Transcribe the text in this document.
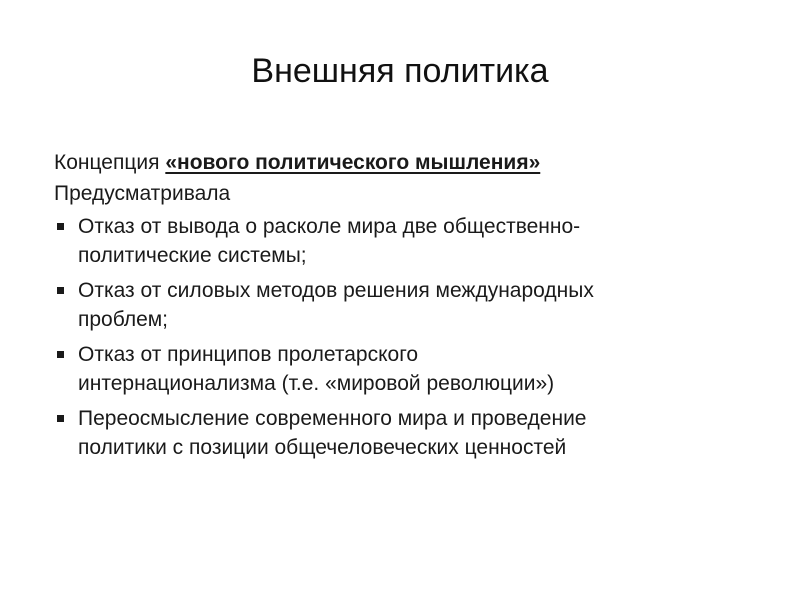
Внешняя политика

Концепция «нового политического мышления»

Предусматривала

Отказ от вывода о расколе мира две общественно-
политические системы;
Отказ от силовых методов решения международных
проблем;
Отказ от принципов пролетарского
интернационализма (т.е. «мировой революции»)
Переосмысление современного мира и проведение
политики с позиции общечеловеческих ценностей
